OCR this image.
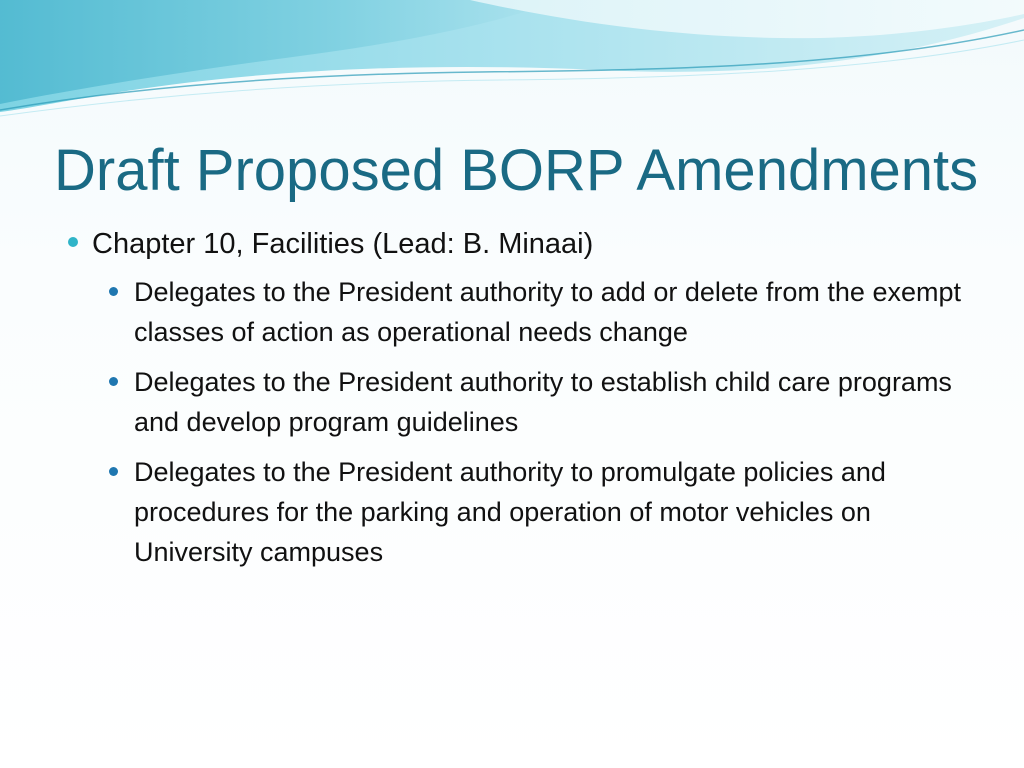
Draft Proposed BORP Amendments
Chapter 10, Facilities (Lead: B. Minaai)
Delegates to the President authority to add or delete from the exempt classes of action as operational needs change
Delegates to the President authority to establish child care programs and develop program guidelines
Delegates to the President authority to promulgate policies and procedures for the parking and operation of motor vehicles on University campuses
